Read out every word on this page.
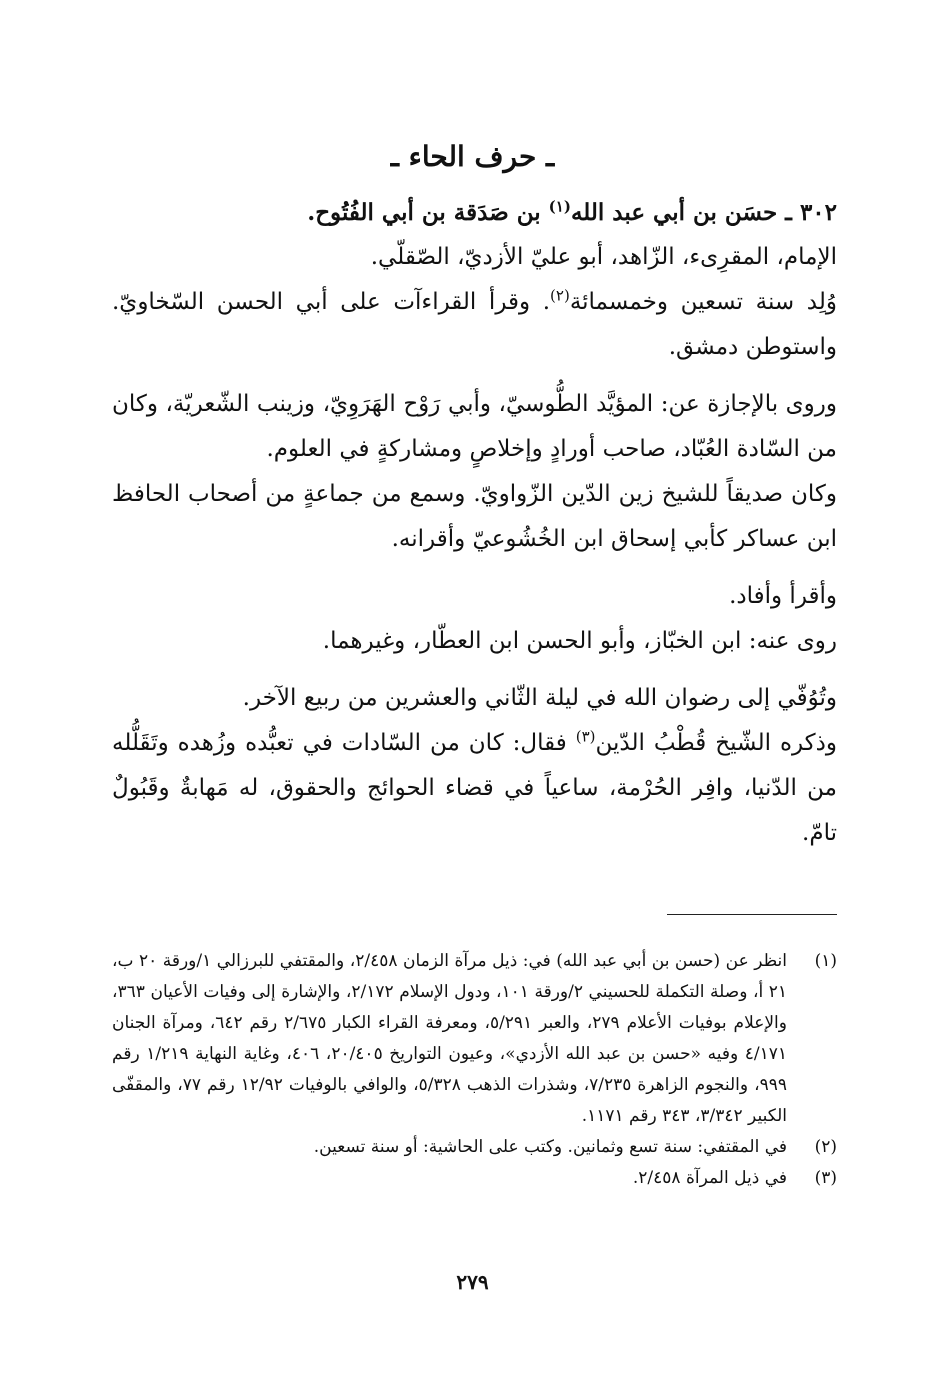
ـ حرف الحاء ـ

٣٠٢ ـ حسَن بن أبي عبد الله$^{(١)}$ بن صَدَقة بن أبي الفُتُوح.

الإمام، المقرِىء، الزّاهد، أبو عليّ الأزديّ، الصّقلّي.

وُلِد سنة تسعين وخمسمائة$^{(٢)}$. وقرأ القراءآت على أبي الحسن السّخاويّ. واستوطن دمشق.

وروى بالإجازة عن: المؤيَّد الطُّوسيّ، وأبي رَوْح الهَرَوِيّ، وزينب الشّعريّة، وكان من السّادة العُبّاد، صاحب أورادٍ وإخلاصٍ ومشاركةٍ في العلوم.

وكان صديقاً للشيخ زين الدّين الزّواويّ. وسمع من جماعةٍ من أصحاب الحافظ ابن عساكر كأبي إسحاق ابن الخُشُوعيّ وأقرانه.

وأقرأ وأفاد.

روى عنه: ابن الخبّاز، وأبو الحسن ابن العطّار، وغيرهما.

وتُوُفّي إلى رضوان الله في ليلة الثّاني والعشرين من ربيع الآخر.

وذكره الشّيخ قُطْبُ الدّين$^{(٣)}$ فقال: كان من السّادات في تعبُّده وزُهده وتَقَلُّله من الدّنيا، وافِر الحُرْمة، ساعياً في قضاء الحوائج والحقوق، له مَهابةٌ وقَبُولٌ تامّ.

(١)
انظر عن (حسن بن أبي عبد الله) في: ذيل مرآة الزمان ٢/٤٥٨، والمقتفي للبرزالي ١/ورقة ٢٠ ب، ٢١ أ، وصلة التكملة للحسيني ٢/ورقة ١٠١، ودول الإسلام ٢/١٧٢، والإشارة إلى وفيات الأعيان ٣٦٣، والإعلام بوفيات الأعلام ٢٧٩، والعبر ٥/٢٩١، ومعرفة القراء الكبار ٢/٦٧٥ رقم ٦٤٢، ومرآة الجنان ٤/١٧١ وفيه «حسن بن عبد الله الأزدي»، وعيون التواريخ ٢٠/٤٠٥، ٤٠٦، وغاية النهاية ١/٢١٩ رقم ٩٩٩، والنجوم الزاهرة ٧/٢٣٥، وشذرات الذهب ٥/٣٢٨، والوافي بالوفيات ١٢/٩٢ رقم ٧٧، والمقفّى الكبير ٣/٣٤٢، ٣٤٣ رقم ١١٧١.
(٢)
في المقتفي: سنة تسع وثمانين. وكتب على الحاشية: أو سنة تسعين.
(٣)
في ذيل المرآة ٢/٤٥٨.
٢٧٩
